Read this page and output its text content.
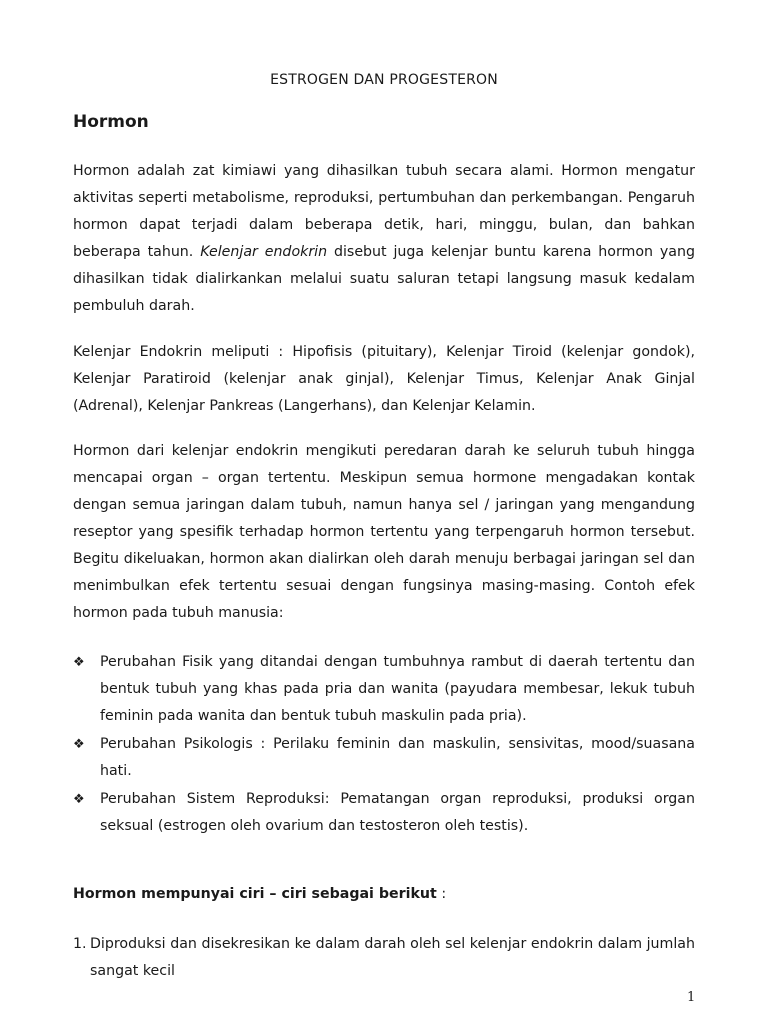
ESTROGEN DAN PROGESTERON
Hormon

Hormon adalah zat kimiawi yang dihasilkan tubuh secara alami. Hormon mengatur aktivitas seperti metabolisme, reproduksi, pertumbuhan dan perkembangan. Pengaruh hormon dapat terjadi dalam beberapa detik, hari, minggu, bulan, dan bahkan beberapa tahun. Kelenjar endokrin disebut juga kelenjar buntu karena hormon yang dihasilkan tidak dialirkankan melalui suatu saluran tetapi langsung masuk kedalam pembuluh darah.

Kelenjar Endokrin meliputi : Hipofisis (pituitary), Kelenjar Tiroid (kelenjar gondok), Kelenjar Paratiroid (kelenjar anak ginjal), Kelenjar Timus, Kelenjar Anak Ginjal (Adrenal), Kelenjar Pankreas (Langerhans), dan Kelenjar Kelamin.

Hormon dari kelenjar endokrin mengikuti peredaran darah ke seluruh tubuh hingga mencapai organ – organ tertentu. Meskipun semua hormone mengadakan kontak dengan semua jaringan dalam tubuh, namun hanya sel / jaringan yang mengandung reseptor yang spesifik terhadap hormon tertentu yang terpengaruh hormon tersebut. Begitu dikeluakan, hormon akan dialirkan oleh darah menuju berbagai jaringan sel dan menimbulkan efek tertentu sesuai dengan fungsinya masing-masing. Contoh efek hormon pada tubuh manusia:

❖ Perubahan Fisik yang ditandai dengan tumbuhnya rambut di daerah tertentu dan bentuk tubuh yang khas pada pria dan wanita (payudara membesar, lekuk tubuh feminin pada wanita dan bentuk tubuh maskulin pada pria).
❖ Perubahan Psikologis : Perilaku feminin dan maskulin, sensivitas, mood/suasana hati.
❖ Perubahan Sistem Reproduksi: Pematangan organ reproduksi, produksi organ seksual (estrogen oleh ovarium dan testosteron oleh testis).
Hormon mempunyai ciri – ciri sebagai berikut :
1. Diproduksi dan disekresikan ke dalam darah oleh sel kelenjar endokrin dalam jumlah sangat kecil
1
